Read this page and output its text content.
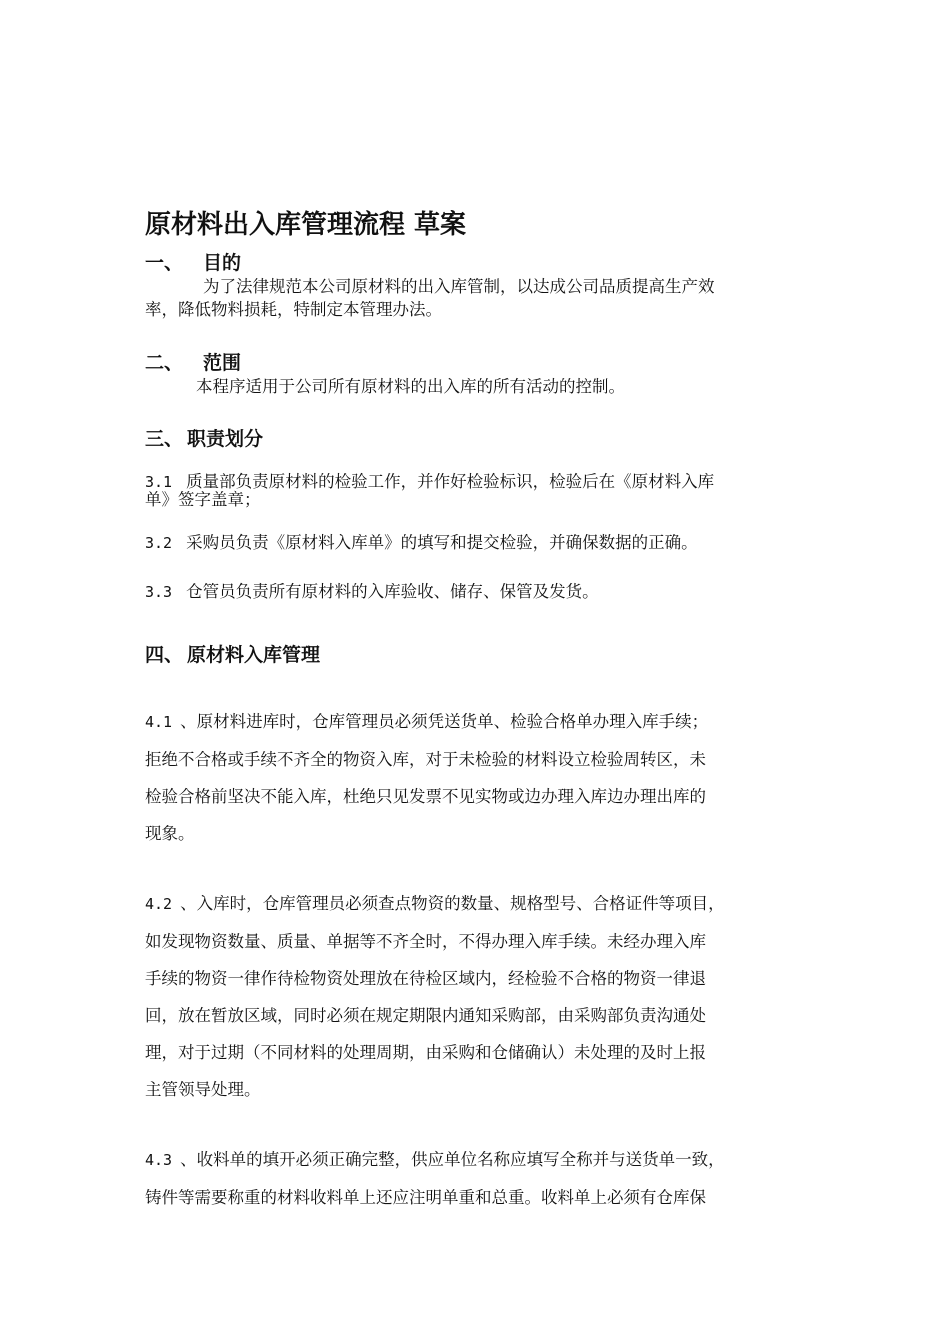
原材料出入库管理流程 草案
一、 目的
为了法律规范本公司原材料的出入库管制，以达成公司品质提高生产效
率，降低物料损耗，特制定本管理办法。
二、 范围
本程序适用于公司所有原材料的出入库的所有活动的控制。
三、 职责划分
3.1 质量部负责原材料的检验工作，并作好检验标识，检验后在《原材料入库
单》签字盖章；
3.2 采购员负责《原材料入库单》的填写和提交检验，并确保数据的正确。
3.3 仓管员负责所有原材料的入库验收、储存、保管及发货。
四、 原材料入库管理
4.1 、原材料进库时，仓库管理员必须凭送货单、检验合格单办理入库手续；
拒绝不合格或手续不齐全的物资入库，对于未检验的材料设立检验周转区，未
检验合格前坚决不能入库，杜绝只见发票不见实物或边办理入库边办理出库的
现象。
4.2 、入库时，仓库管理员必须查点物资的数量、规格型号、合格证件等项目，
如发现物资数量、质量、单据等不齐全时，不得办理入库手续。未经办理入库
手续的物资一律作待检物资处理放在待检区域内，经检验不合格的物资一律退
回，放在暂放区域，同时必须在规定期限内通知采购部，由采购部负责沟通处
理，对于过期（不同材料的处理周期，由采购和仓储确认）未处理的及时上报
主管领导处理。
4.3 、收料单的填开必须正确完整，供应单位名称应填写全称并与送货单一致，
铸件等需要称重的材料收料单上还应注明单重和总重。收料单上必须有仓库保
